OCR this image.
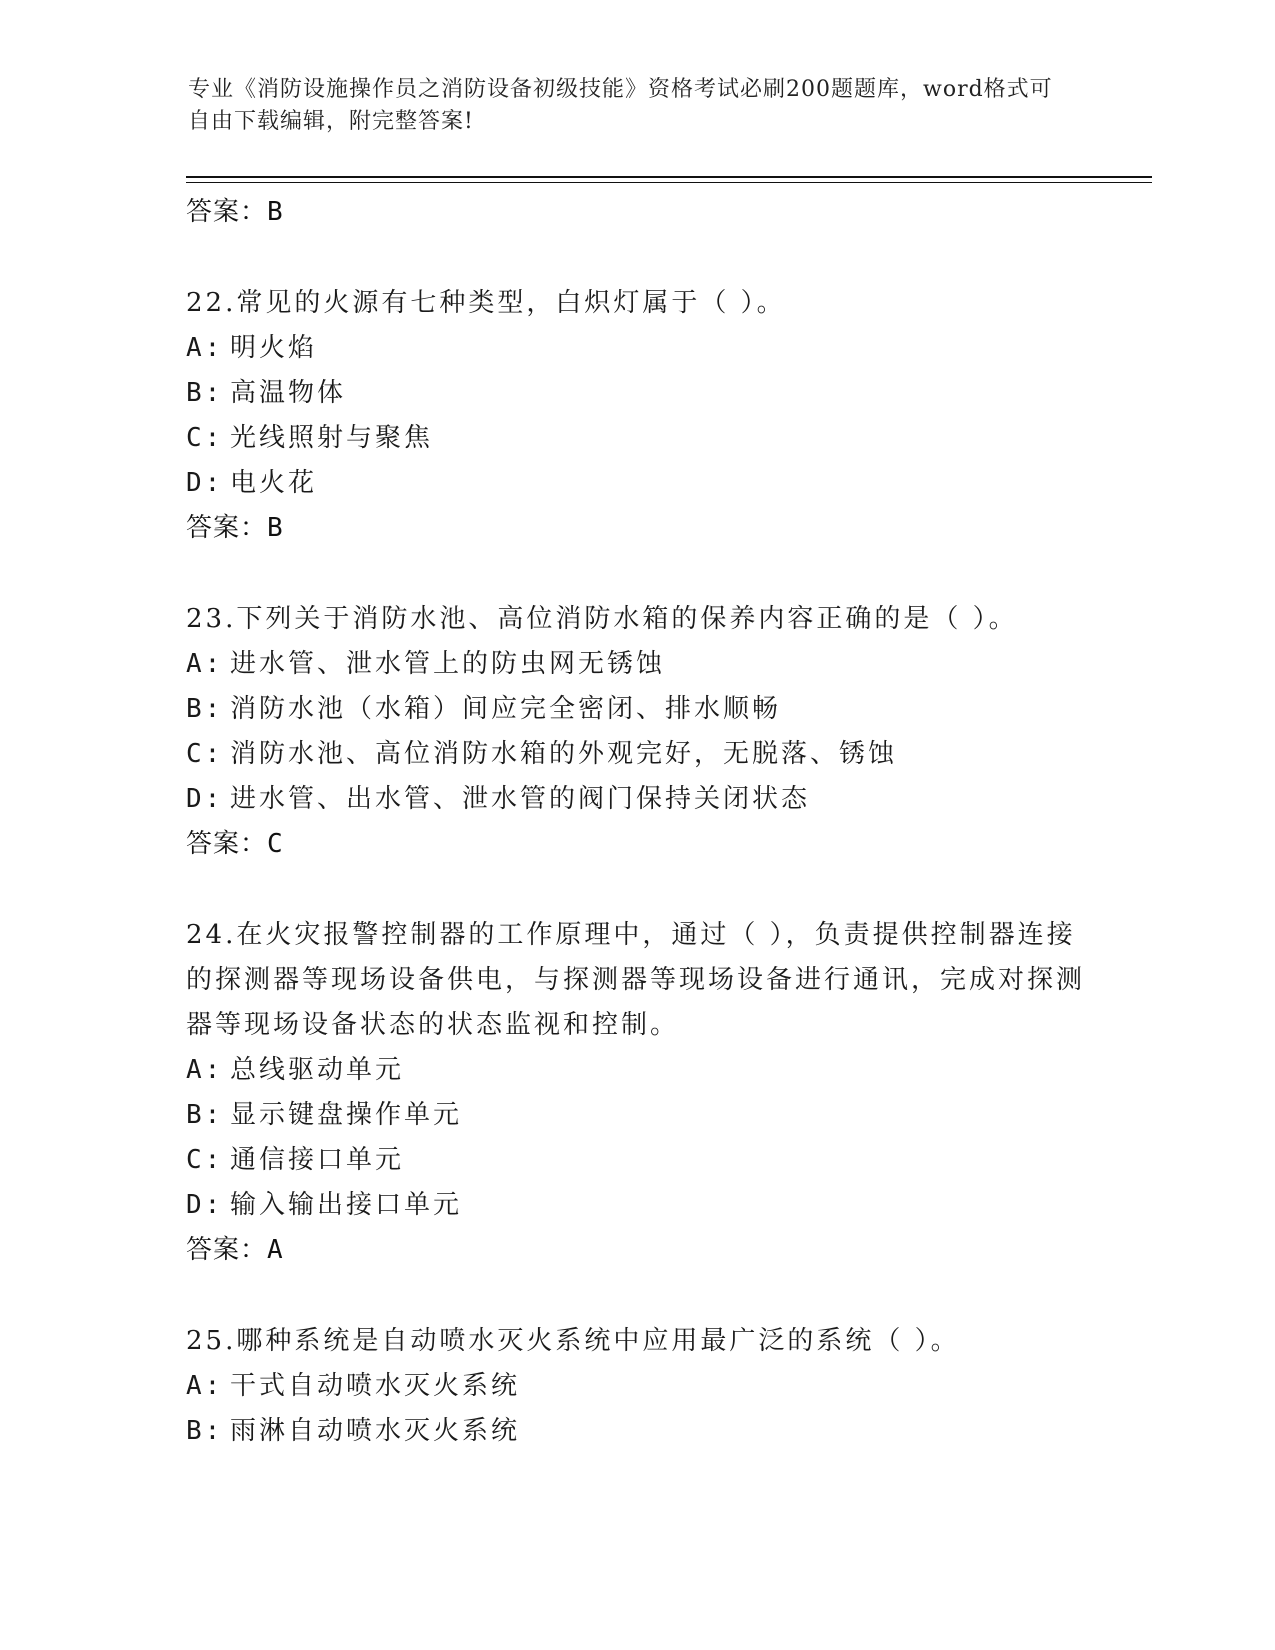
专业《消防设施操作员之消防设备初级技能》资格考试必刷200题题库，word格式可自由下载编辑，附完整答案!
答案：B
22.常见的火源有七种类型，白炽灯属于（ ）。
A: 明火焰
B: 高温物体
C: 光线照射与聚焦
D: 电火花
答案：B
23.下列关于消防水池、高位消防水箱的保养内容正确的是（ ）。
A: 进水管、泄水管上的防虫网无锈蚀
B: 消防水池（水箱）间应完全密闭、排水顺畅
C: 消防水池、高位消防水箱的外观完好，无脱落、锈蚀
D: 进水管、出水管、泄水管的阀门保持关闭状态
答案：C
24.在火灾报警控制器的工作原理中，通过（ ），负责提供控制器连接的探测器等现场设备供电，与探测器等现场设备进行通讯，完成对探测器等现场设备状态的状态监视和控制。
A: 总线驱动单元
B: 显示键盘操作单元
C: 通信接口单元
D: 输入输出接口单元
答案：A
25.哪种系统是自动喷水灭火系统中应用最广泛的系统（ ）。
A: 干式自动喷水灭火系统
B: 雨淋自动喷水灭火系统
